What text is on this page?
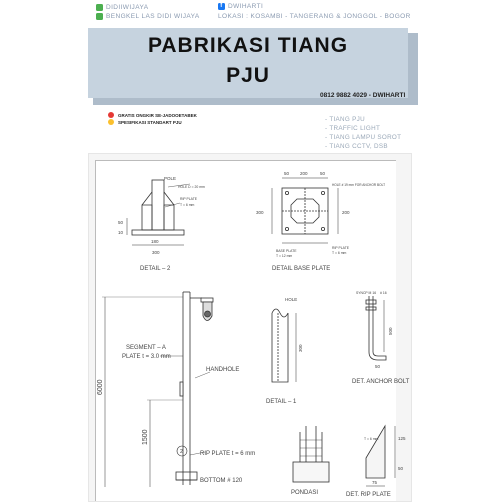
DIDIIWIJAYA
BENGKEL LAS DIDI WIJAYA
f DWIHARTI
LOKASI : KOSAMBI - TANGERANG & JONGGOL - BOGOR
PABRIKASI TIANG
PJU
0812 9882 4029 - DWIHARTI
GRATIS ONGKIR SE-JADOOETABEK
SPESIFIKASI STANDART PJU	- TIANG PJU
- TRAFFIC LIGHT
- TIANG LAMPU SOROT
- TIANG CCTV, DSB
POLE
HOLE D = 20 mm
RIP PLATE
T = 6 mm
180
300
50
10
DETAIL – 2
50 200	50
300	200
HOLE # 19 mm FOR ANCHOR BOLT
BASE PLATE
T = 12 mm
RIP PLATE
T = 6 mm
DETAIL BASE PLATE
SEGMENT – A
PLATE t = 3.0 mm
HANDHOLE
6000
1500
RIP PLATE t = 6 mm
BOTTOM # 120
2
HOLE
300
DETAIL – 1
SYNCP M 16 # 16
500
50
DET. ANCHOR BOLT
PONDASI
T = 6 mm	125
50
75
DET. RIP PLATE
